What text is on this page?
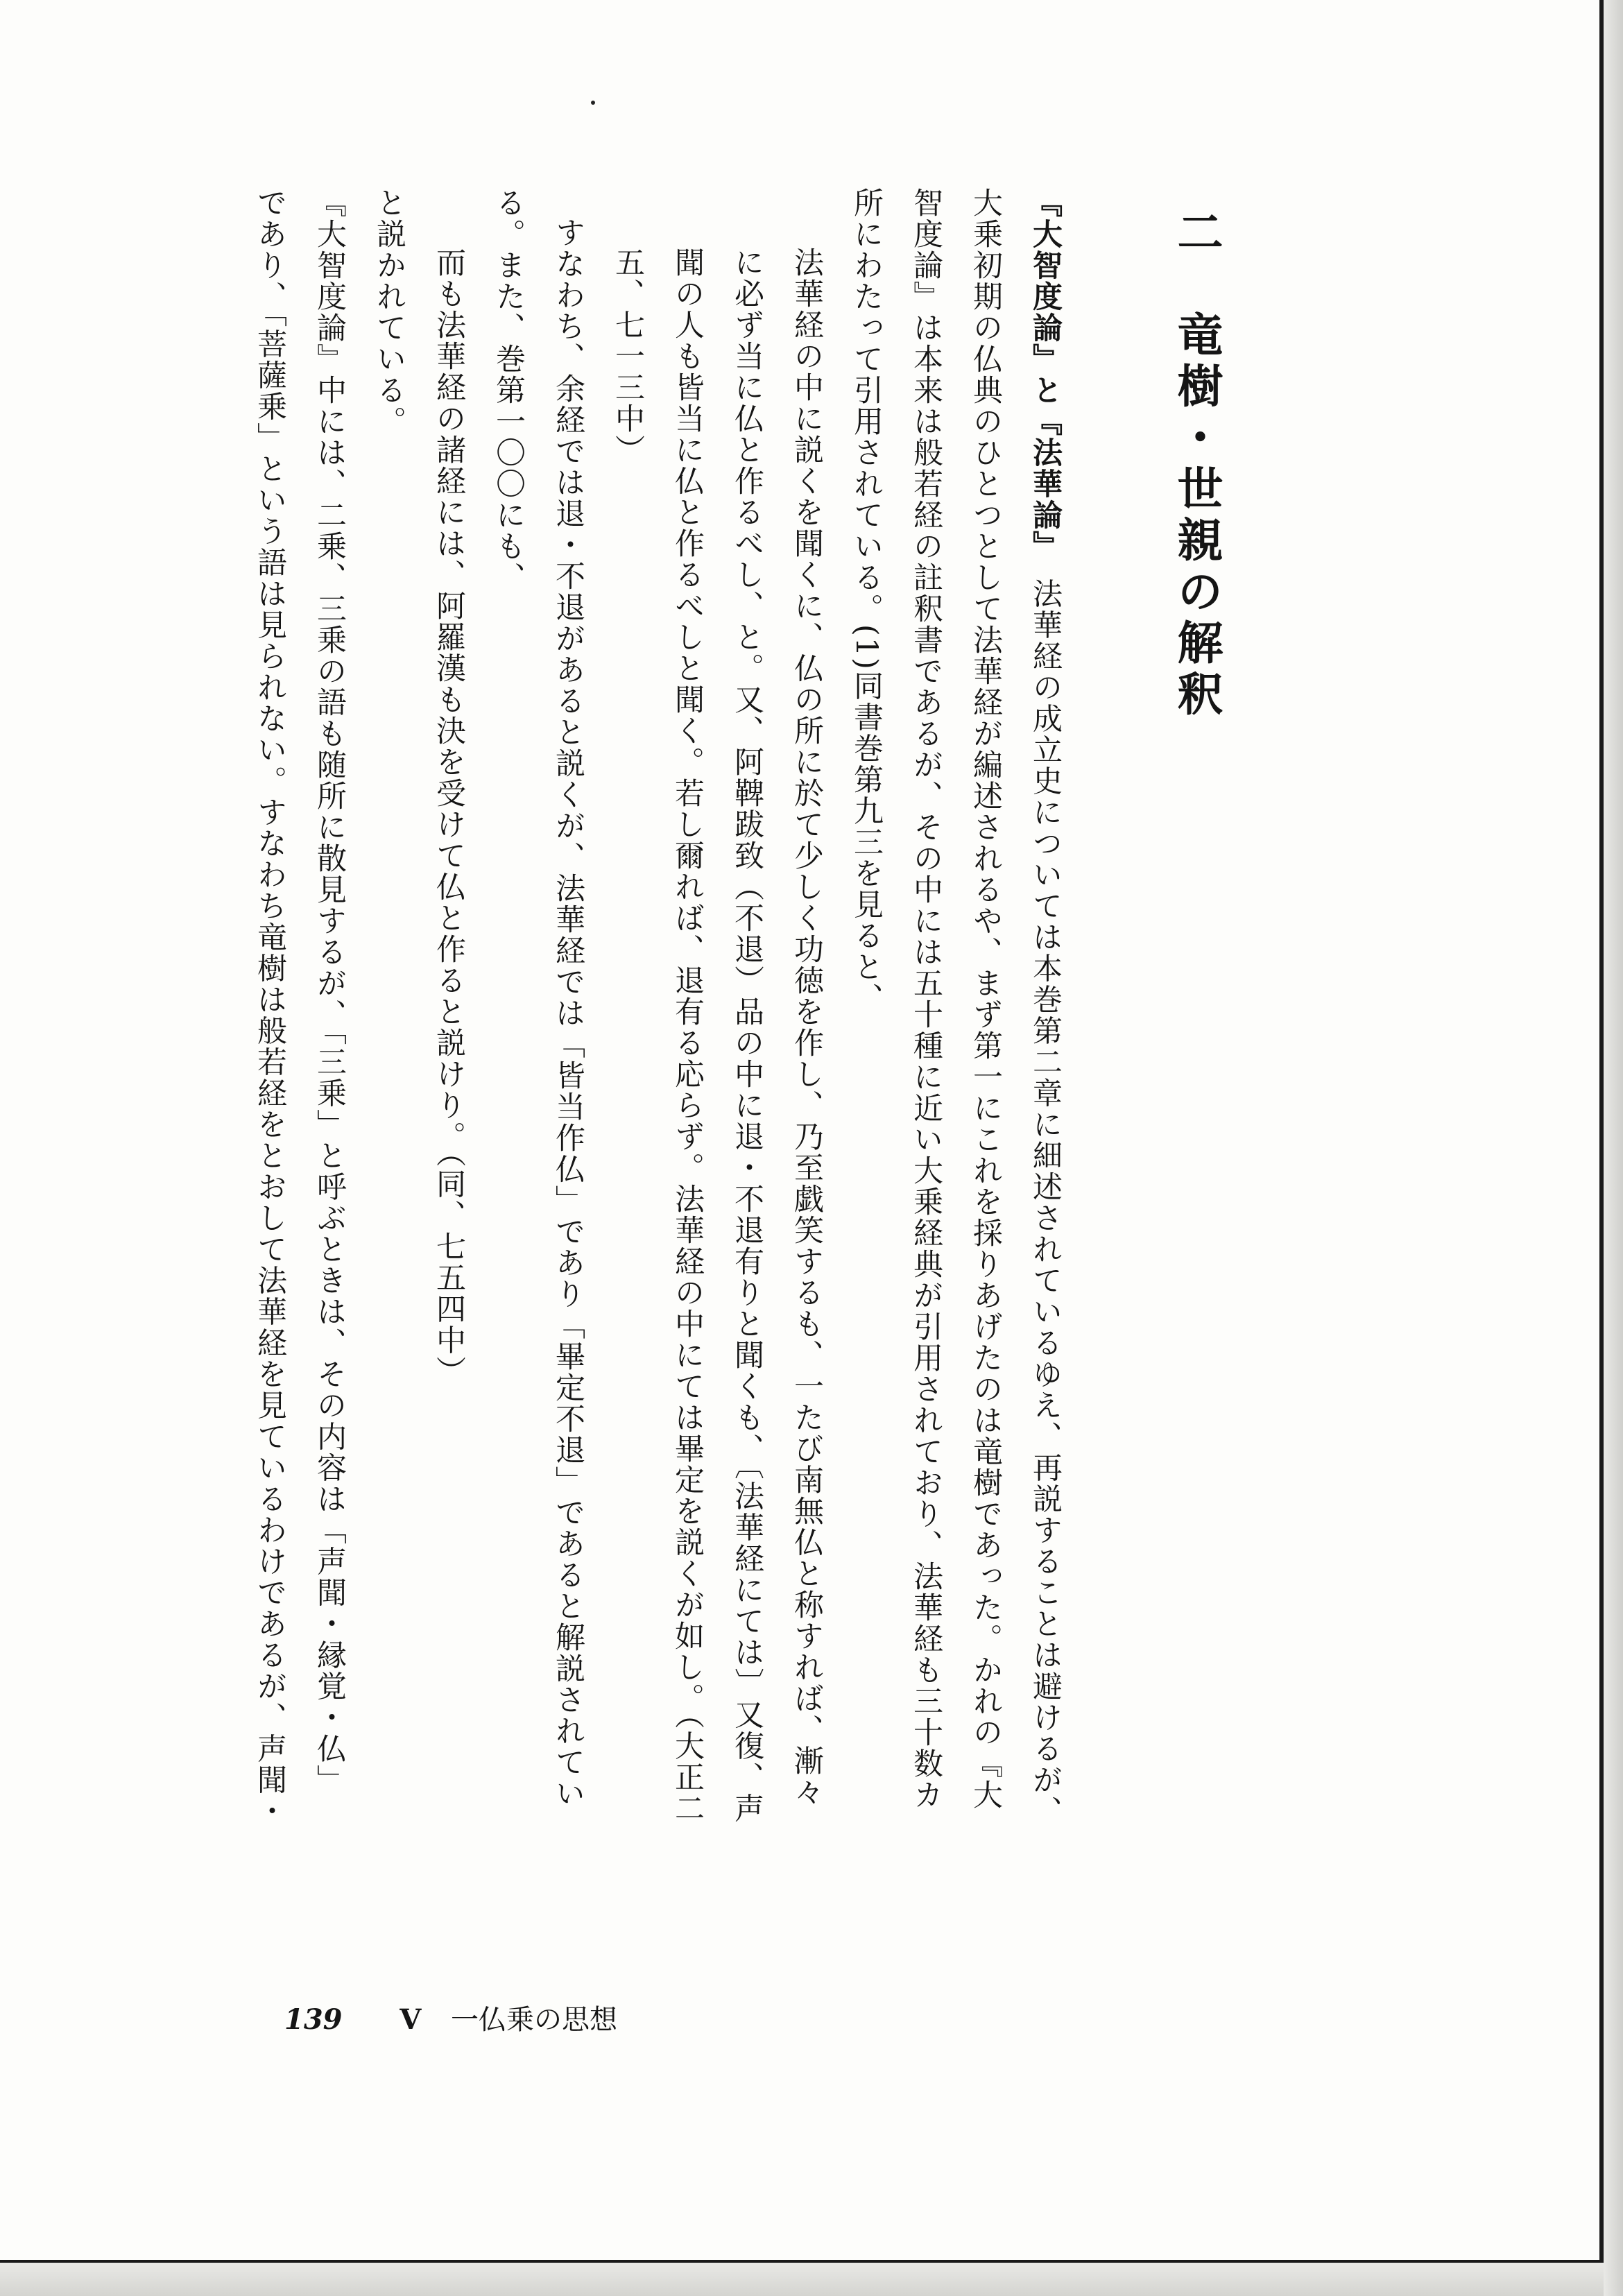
二　竜樹・世親の解釈

『大智度論』と『法華論』　法華経の成立史については本巻第二章に細述されているゆえ、再説することは避けるが、

大乗初期の仏典のひとつとして法華経が編述されるや、まず第一にこれを採りあげたのは竜樹であった。かれの『大

智度論』は本来は般若経の註釈書であるが、その中には五十種に近い大乗経典が引用されており、法華経も三十数カ

所にわたって引用されている。(1)同書巻第九三を見ると、

法華経の中に説くを聞くに、仏の所に於て少しく功徳を作し、乃至戯笑するも、一たび南無仏と称すれば、漸々

に必ず当に仏と作るべし、と。又、阿鞞跋致（不退）品の中に退・不退有りと聞くも、〔法華経にては〕又復、声

聞の人も皆当に仏と作るべしと聞く。若し爾れば、退有る応らず。法華経の中にては畢定を説くが如し。（大正二

五、七一三中）

すなわち、余経では退・不退があると説くが、法華経では「皆当作仏」であり「畢定不退」であると解説されてい

る。また、巻第一〇〇にも、

而も法華経の諸経には、阿羅漢も決を受けて仏と作ると説けり。（同、七五四中）

と説かれている。

『大智度論』中には、二乗、三乗の語も随所に散見するが、「三乗」と呼ぶときは、その内容は「声聞・縁覚・仏」

であり、「菩薩乗」という語は見られない。すなわち竜樹は般若経をとおして法華経を見ているわけであるが、声聞・

139 V 一仏乗の思想
